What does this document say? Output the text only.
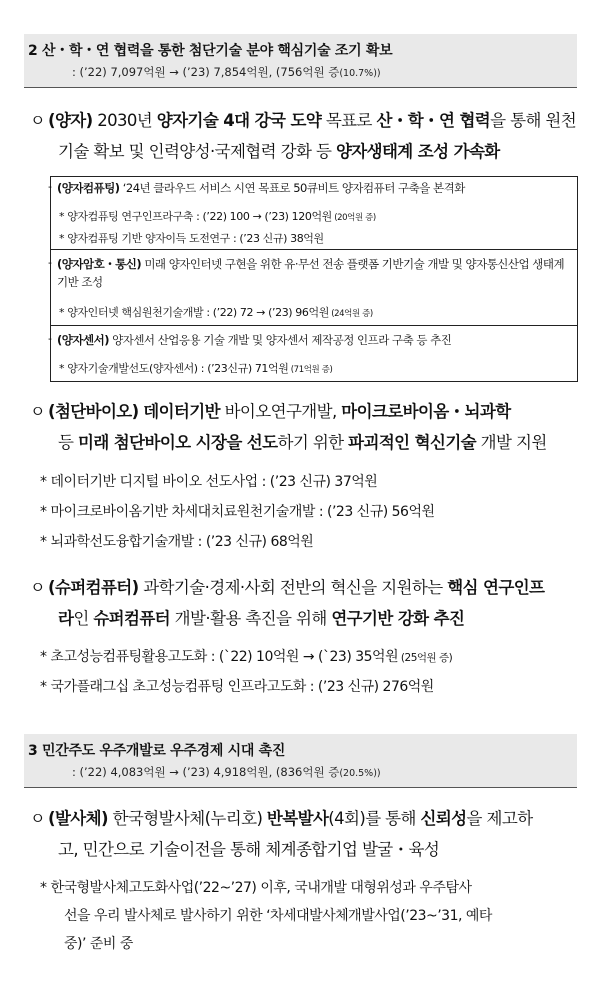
2 산・학・연 협력을 통한 첨단기술 분야 핵심기술 조기 확보
: (’22) 7,097억원 → (’23) 7,854억원, (756억원 증(10.7%))
ㅇ (양자) 2030년 양자기술 4대 강국 도약 목표로 산・학・연 협력을 통해 원천
기술 확보 및 인력양성·국제협력 강화 등 양자생태계 조성 가속화
- (양자컴퓨팅) ‘24년 클라우드 서비스 시연 목표로 50큐비트 양자컴퓨터 구축을 본격화
* 양자컴퓨팅 연구인프라구축 : (’22) 100 → (’23) 120억원 (20억원 증)
* 양자컴퓨팅 기반 양자이득 도전연구 : (’23 신규) 38억원
- (양자암호・통신) 미래 양자인터넷 구현을 위한 유·무선 전송 플랫폼 기반기술 개발 및 양자통신산업 생태계 기반 조성
* 양자인터넷 핵심원천기술개발 : (’22) 72 → (’23) 96억원 (24억원 증)
- (양자센서) 양자센서 산업응용 기술 개발 및 양자센서 제작공정 인프라 구축 등 추진
* 양자기술개발선도(양자센서) : (’23신규) 71억원 (71억원 증)
ㅇ (첨단바이오) 데이터기반 바이오연구개발, 마이크로바이옴・뇌과학
등 미래 첨단바이오 시장을 선도하기 위한 파괴적인 혁신기술 개발 지원
* 데이터기반 디지털 바이오 선도사업 : (’23 신규) 37억원
* 마이크로바이옴기반 차세대치료원천기술개발 : (’23 신규) 56억원
* 뇌과학선도융합기술개발 : (’23 신규) 68억원
ㅇ (슈퍼컴퓨터) 과학기술·경제·사회 전반의 혁신을 지원하는 핵심 연구인프
라인 슈퍼컴퓨터 개발·활용 촉진을 위해 연구기반 강화 추진
* 초고성능컴퓨팅활용고도화 : (`22) 10억원 → (`23) 35억원 (25억원 증)
* 국가플래그십 초고성능컴퓨팅 인프라고도화 : (’23 신규) 276억원
3 민간주도 우주개발로 우주경제 시대 촉진
: (’22) 4,083억원 → (’23) 4,918억원, (836억원 증(20.5%))
ㅇ (발사체) 한국형발사체(누리호) 반복발사(4회)를 통해 신뢰성을 제고하
고, 민간으로 기술이전을 통해 체계종합기업 발굴・육성
* 한국형발사체고도화사업(’22~’27) 이후, 국내개발 대형위성과 우주탐사
선을 우리 발사체로 발사하기 위한 ‘차세대발사체개발사업(’23~’31, 예타
중)’ 준비 중
